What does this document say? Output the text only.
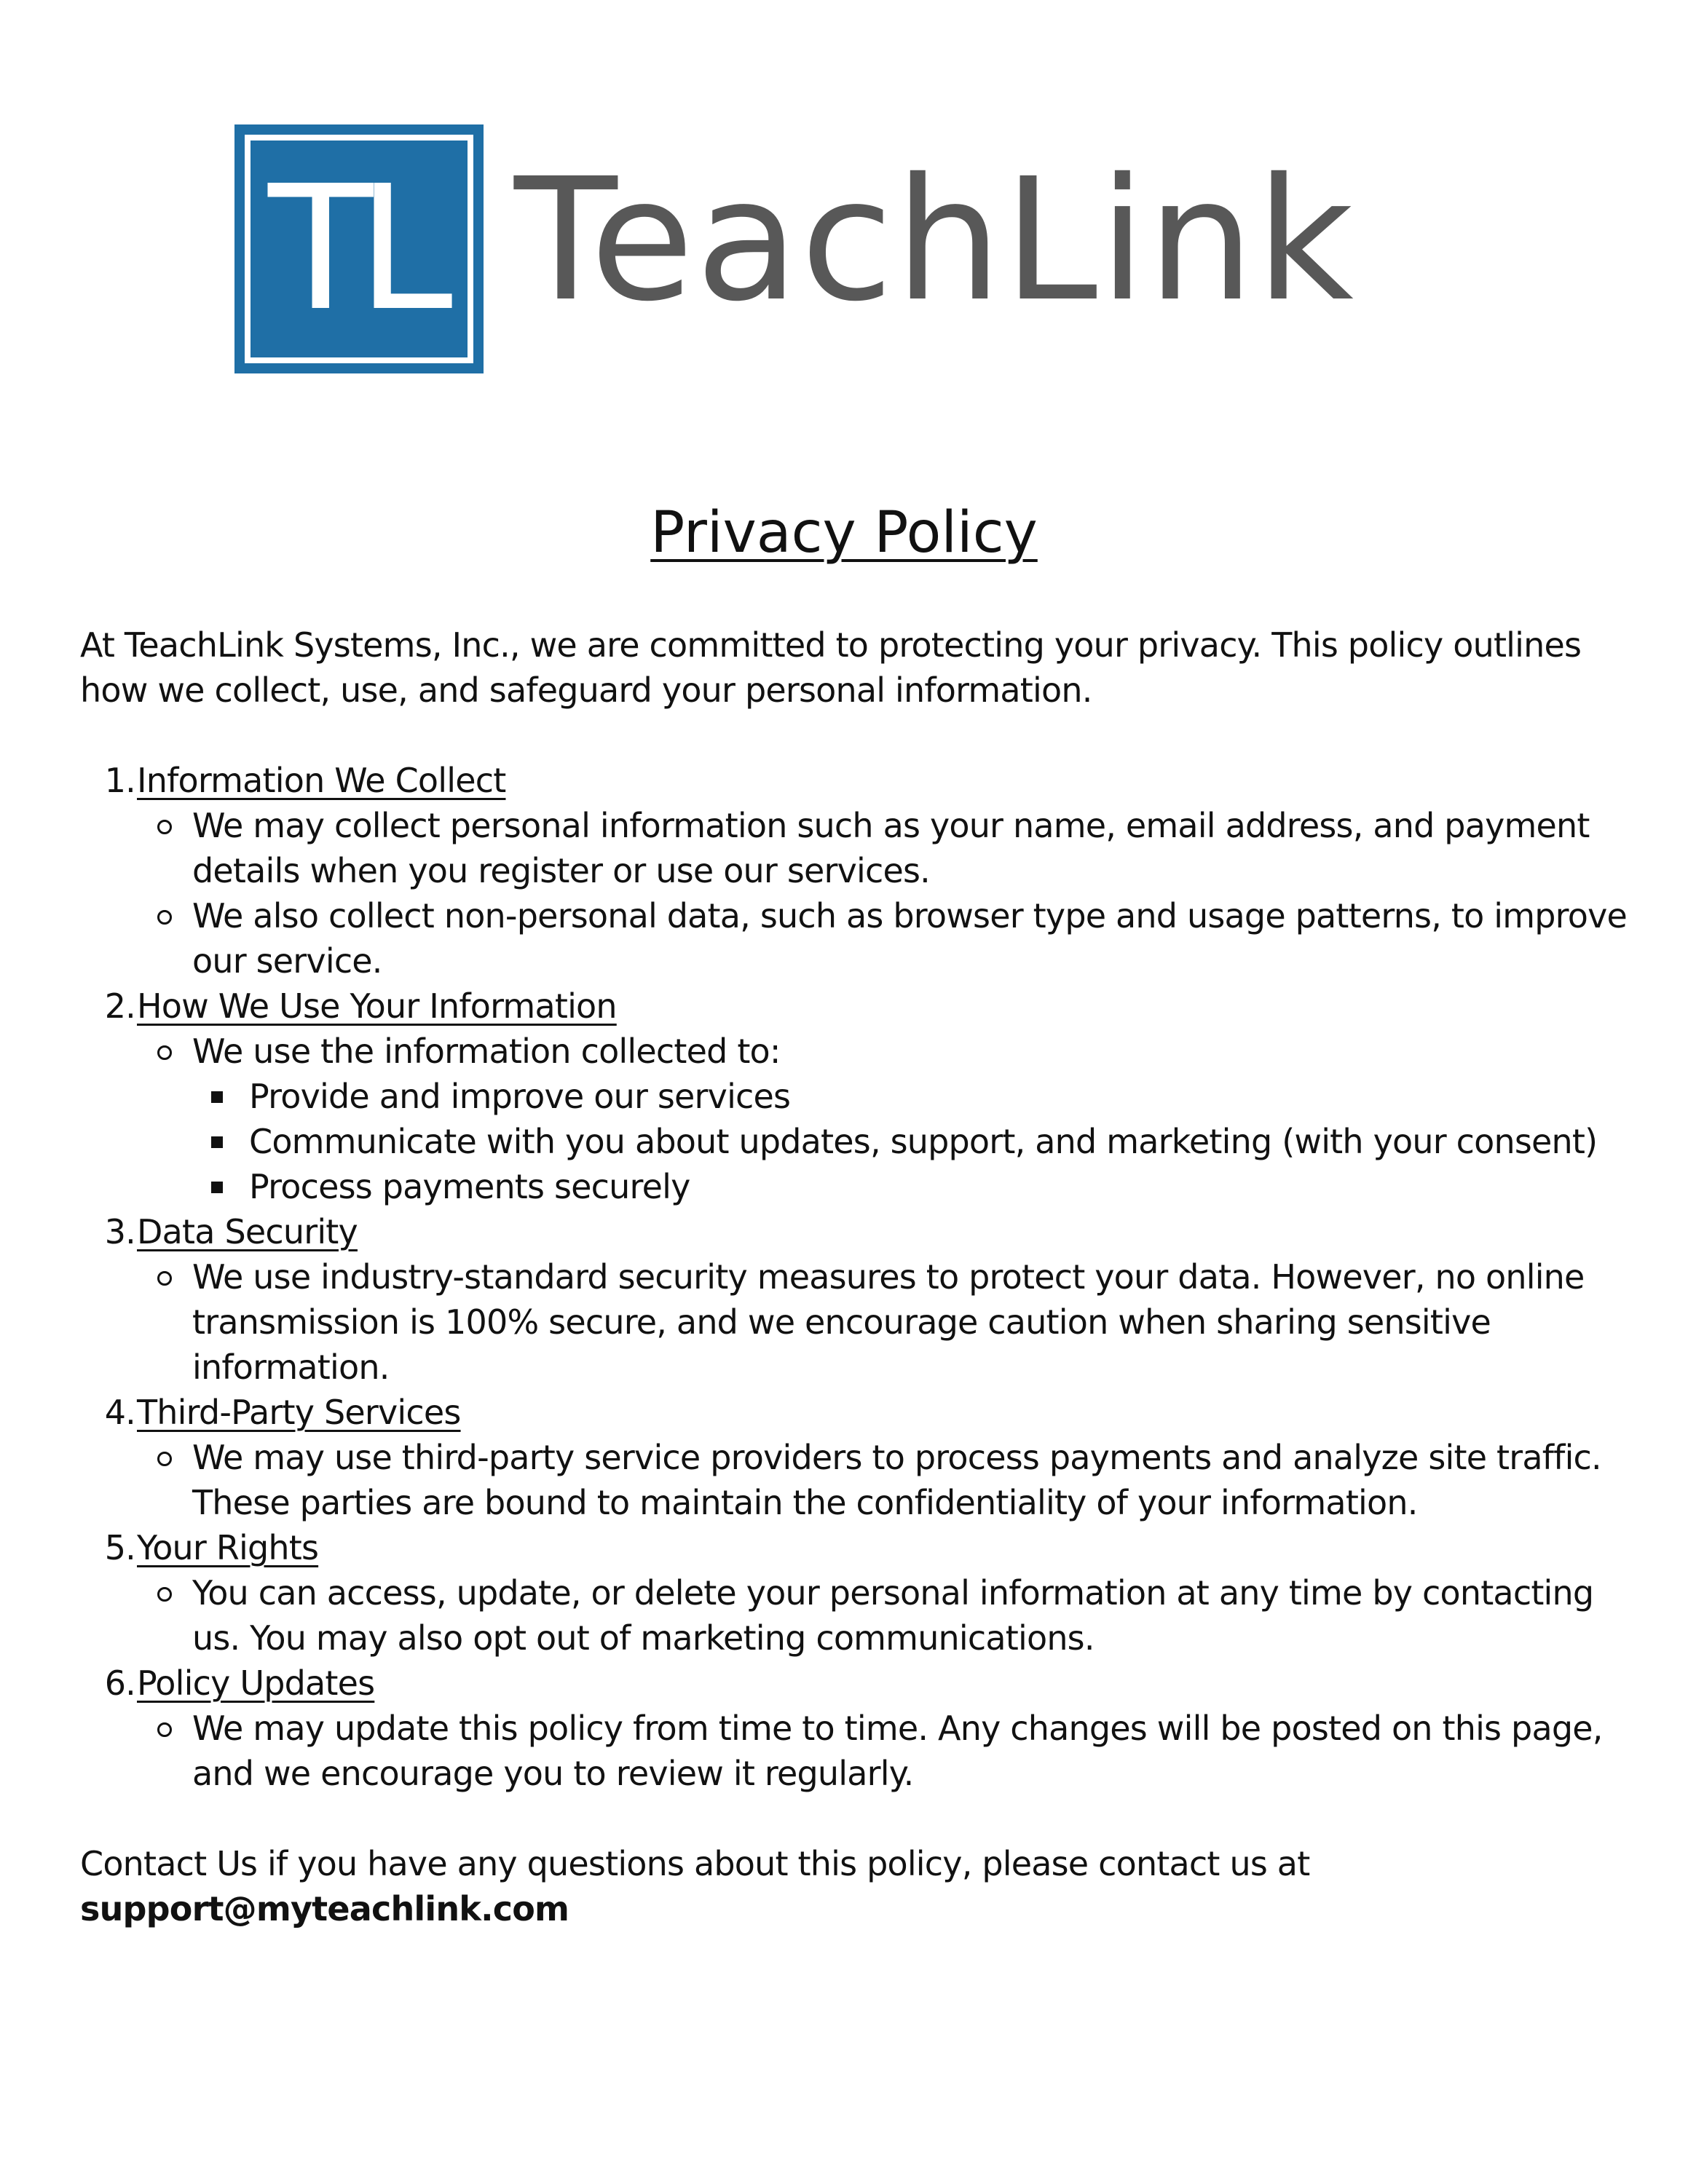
TL TeachLink
Privacy Policy

At TeachLink Systems, Inc., we are committed to protecting your privacy. This policy outlines how we collect, use, and safeguard your personal information.

1. Information We Collect
We may collect personal information such as your name, email address, and payment details when you register or use our services.
We also collect non-personal data, such as browser type and usage patterns, to improve our service.
2. How We Use Your Information
We use the information collected to:
Provide and improve our services
Communicate with you about updates, support, and marketing (with your consent)
Process payments securely
3. Data Security
We use industry-standard security measures to protect your data. However, no online transmission is 100% secure, and we encourage caution when sharing sensitive information.
4. Third-Party Services
We may use third-party service providers to process payments and analyze site traffic. These parties are bound to maintain the confidentiality of your information.
5. Your Rights
You can access, update, or delete your personal information at any time by contacting us. You may also opt out of marketing communications.
6. Policy Updates
We may update this policy from time to time. Any changes will be posted on this page, and we encourage you to review it regularly.
Contact Us if you have any questions about this policy, please contact us at
support@myteachlink.com
